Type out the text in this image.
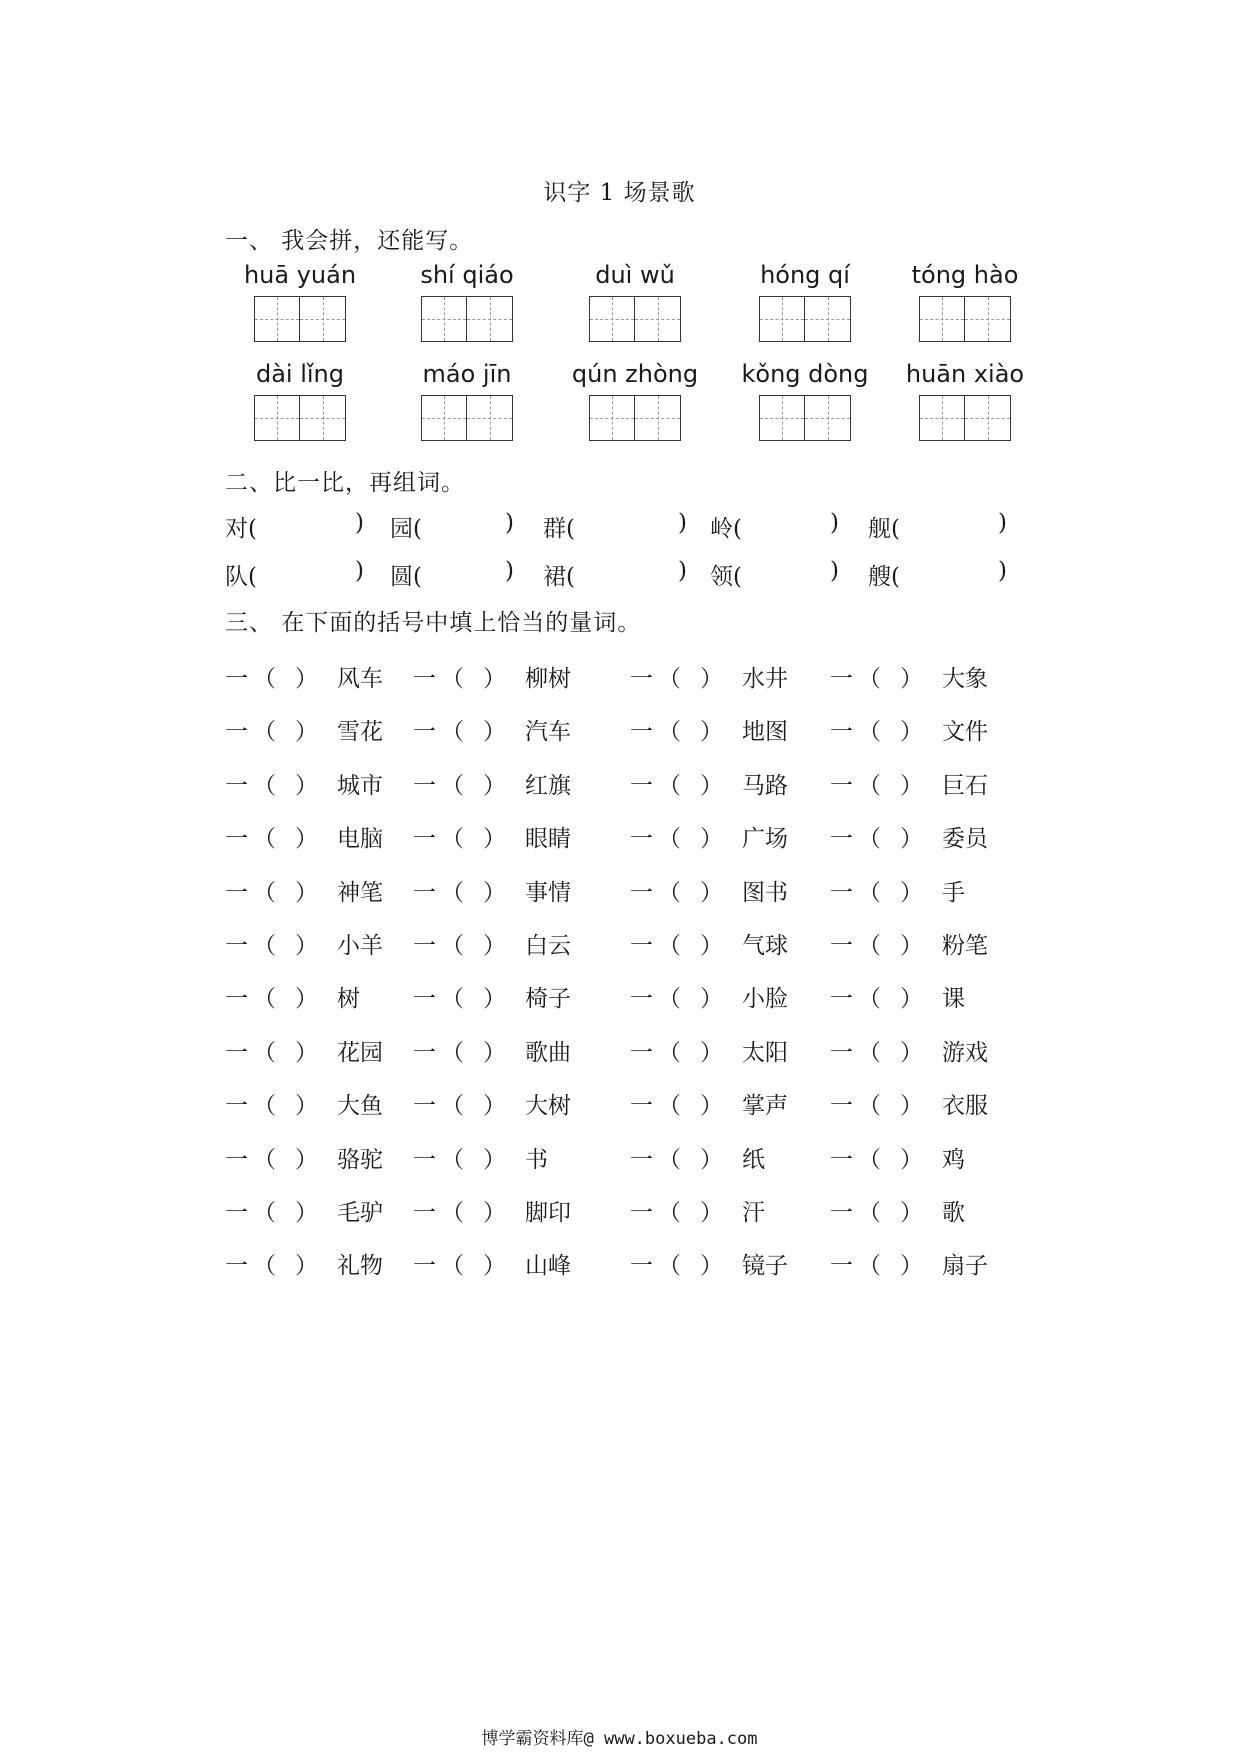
识字 1 场景歌
一、 我会拼，还能写。
huā yuán	shí qiáo	duì wǔ	hóng qí	tóng hào
dài lǐng	máo jīn	qún zhòng	kǒng dòng	huān xiào
二、比一比，再组词。
对(	) 园(	) 群(	) 岭(	) 舰(	)
队(	) 圆(	) 裙(	) 领(	) 艘(	)
三、 在下面的括号中填上恰当的量词。
一 （ ） 风车 一 （ ） 柳树	一 （ ） 水井 一 （ ） 大象
一 （ ） 雪花 一 （ ） 汽车	一 （ ） 地图 一 （ ） 文件
一 （ ） 城市 一 （ ） 红旗	一 （ ） 马路 一 （ ） 巨石
一 （ ） 电脑 一 （ ） 眼睛	一 （ ） 广场 一 （ ） 委员
一 （ ） 神笔 一 （ ） 事情	一 （ ） 图书 一 （ ） 手
一 （ ） 小羊 一 （ ） 白云	一 （ ） 气球 一 （ ） 粉笔
一 （ ） 树 一 （ ） 椅子	一 （ ） 小脸 一 （ ） 课
一 （ ） 花园 一 （ ） 歌曲	一 （ ） 太阳 一 （ ） 游戏
一 （ ） 大鱼 一 （ ） 大树	一 （ ） 掌声 一 （ ） 衣服
一 （ ） 骆驼 一 （ ） 书	一 （ ） 纸	一 （ ） 鸡
一 （ ） 毛驴 一 （ ） 脚印	一 （ ） 汗	一 （ ） 歌
一 （ ） 礼物 一 （ ） 山峰	一 （ ） 镜子 一 （ ） 扇子
博学霸资料库@ www.boxueba.com
